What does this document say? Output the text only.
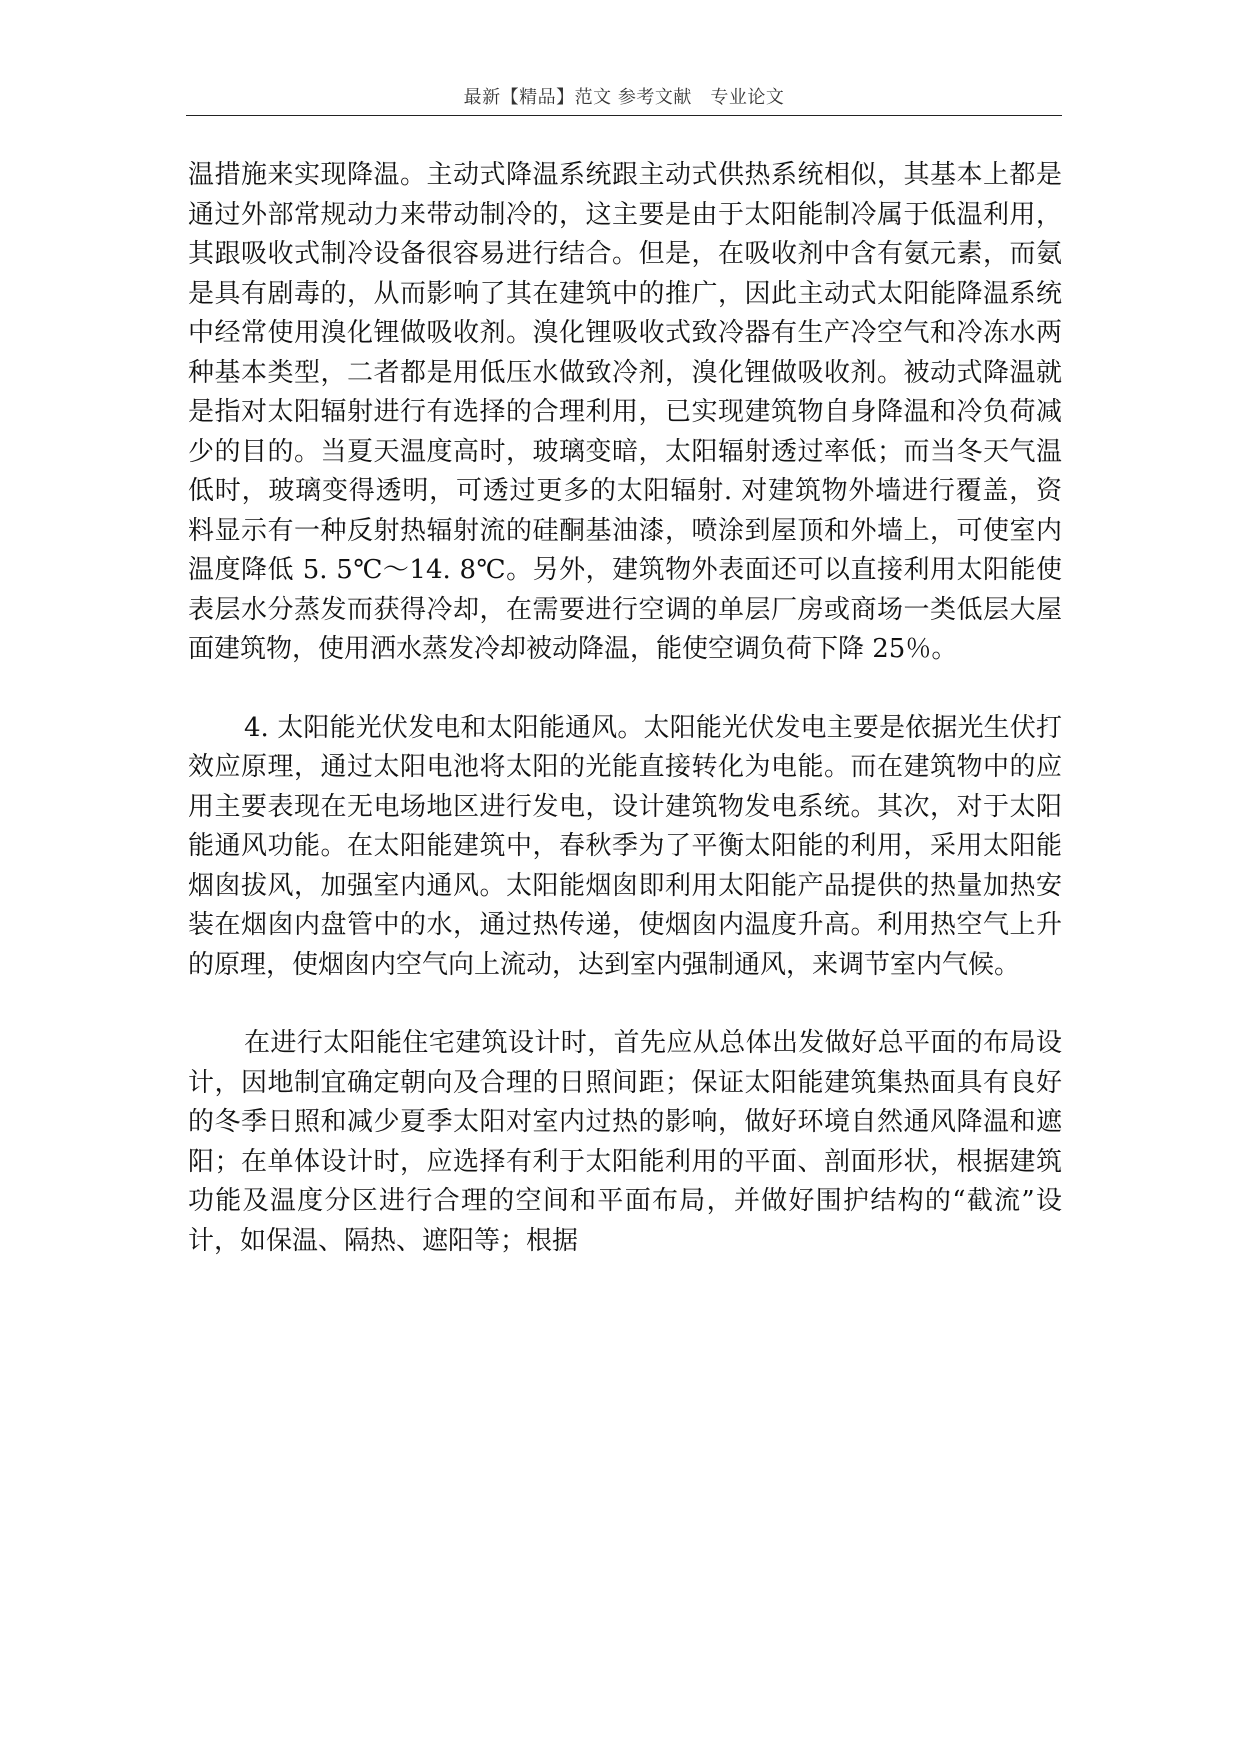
最新【精品】范文 参考文献　专业论文

温措施来实现降温。主动式降温系统跟主动式供热系统相似，其基本上都是通过外部常规动力来带动制冷的，这主要是由于太阳能制冷属于低温利用，其跟吸收式制冷设备很容易进行结合。但是，在吸收剂中含有氨元素，而氨是具有剧毒的，从而影响了其在建筑中的推广，因此主动式太阳能降温系统中经常使用溴化锂做吸收剂。溴化锂吸收式致冷器有生产冷空气和冷冻水两种基本类型，二者都是用低压水做致冷剂，溴化锂做吸收剂。被动式降温就是指对太阳辐射进行有选择的合理利用，已实现建筑物自身降温和冷负荷减少的目的。当夏天温度高时，玻璃变暗，太阳辐射透过率低；而当冬天气温低时，玻璃变得透明，可透过更多的太阳辐射. 对建筑物外墙进行覆盖，资料显示有一种反射热辐射流的硅酮基油漆，喷涂到屋顶和外墙上，可使室内温度降低 5. 5℃～14. 8℃。另外，建筑物外表面还可以直接利用太阳能使表层水分蒸发而获得冷却，在需要进行空调的单层厂房或商场一类低层大屋面建筑物，使用洒水蒸发冷却被动降温，能使空调负荷下降 25％。

4. 太阳能光伏发电和太阳能通风。太阳能光伏发电主要是依据光生伏打效应原理，通过太阳电池将太阳的光能直接转化为电能。而在建筑物中的应用主要表现在无电场地区进行发电，设计建筑物发电系统。其次，对于太阳能通风功能。在太阳能建筑中，春秋季为了平衡太阳能的利用，采用太阳能烟囱拔风，加强室内通风。太阳能烟囱即利用太阳能产品提供的热量加热安装在烟囱内盘管中的水，通过热传递，使烟囱内温度升高。利用热空气上升的原理，使烟囱内空气向上流动，达到室内强制通风，来调节室内气候。

在进行太阳能住宅建筑设计时，首先应从总体出发做好总平面的布局设计，因地制宜确定朝向及合理的日照间距；保证太阳能建筑集热面具有良好的冬季日照和减少夏季太阳对室内过热的影响，做好环境自然通风降温和遮阳；在单体设计时，应选择有利于太阳能利用的平面、剖面形状，根据建筑功能及温度分区进行合理的空间和平面布局，并做好围护结构的“截流”设计，如保温、隔热、遮阳等；根据
